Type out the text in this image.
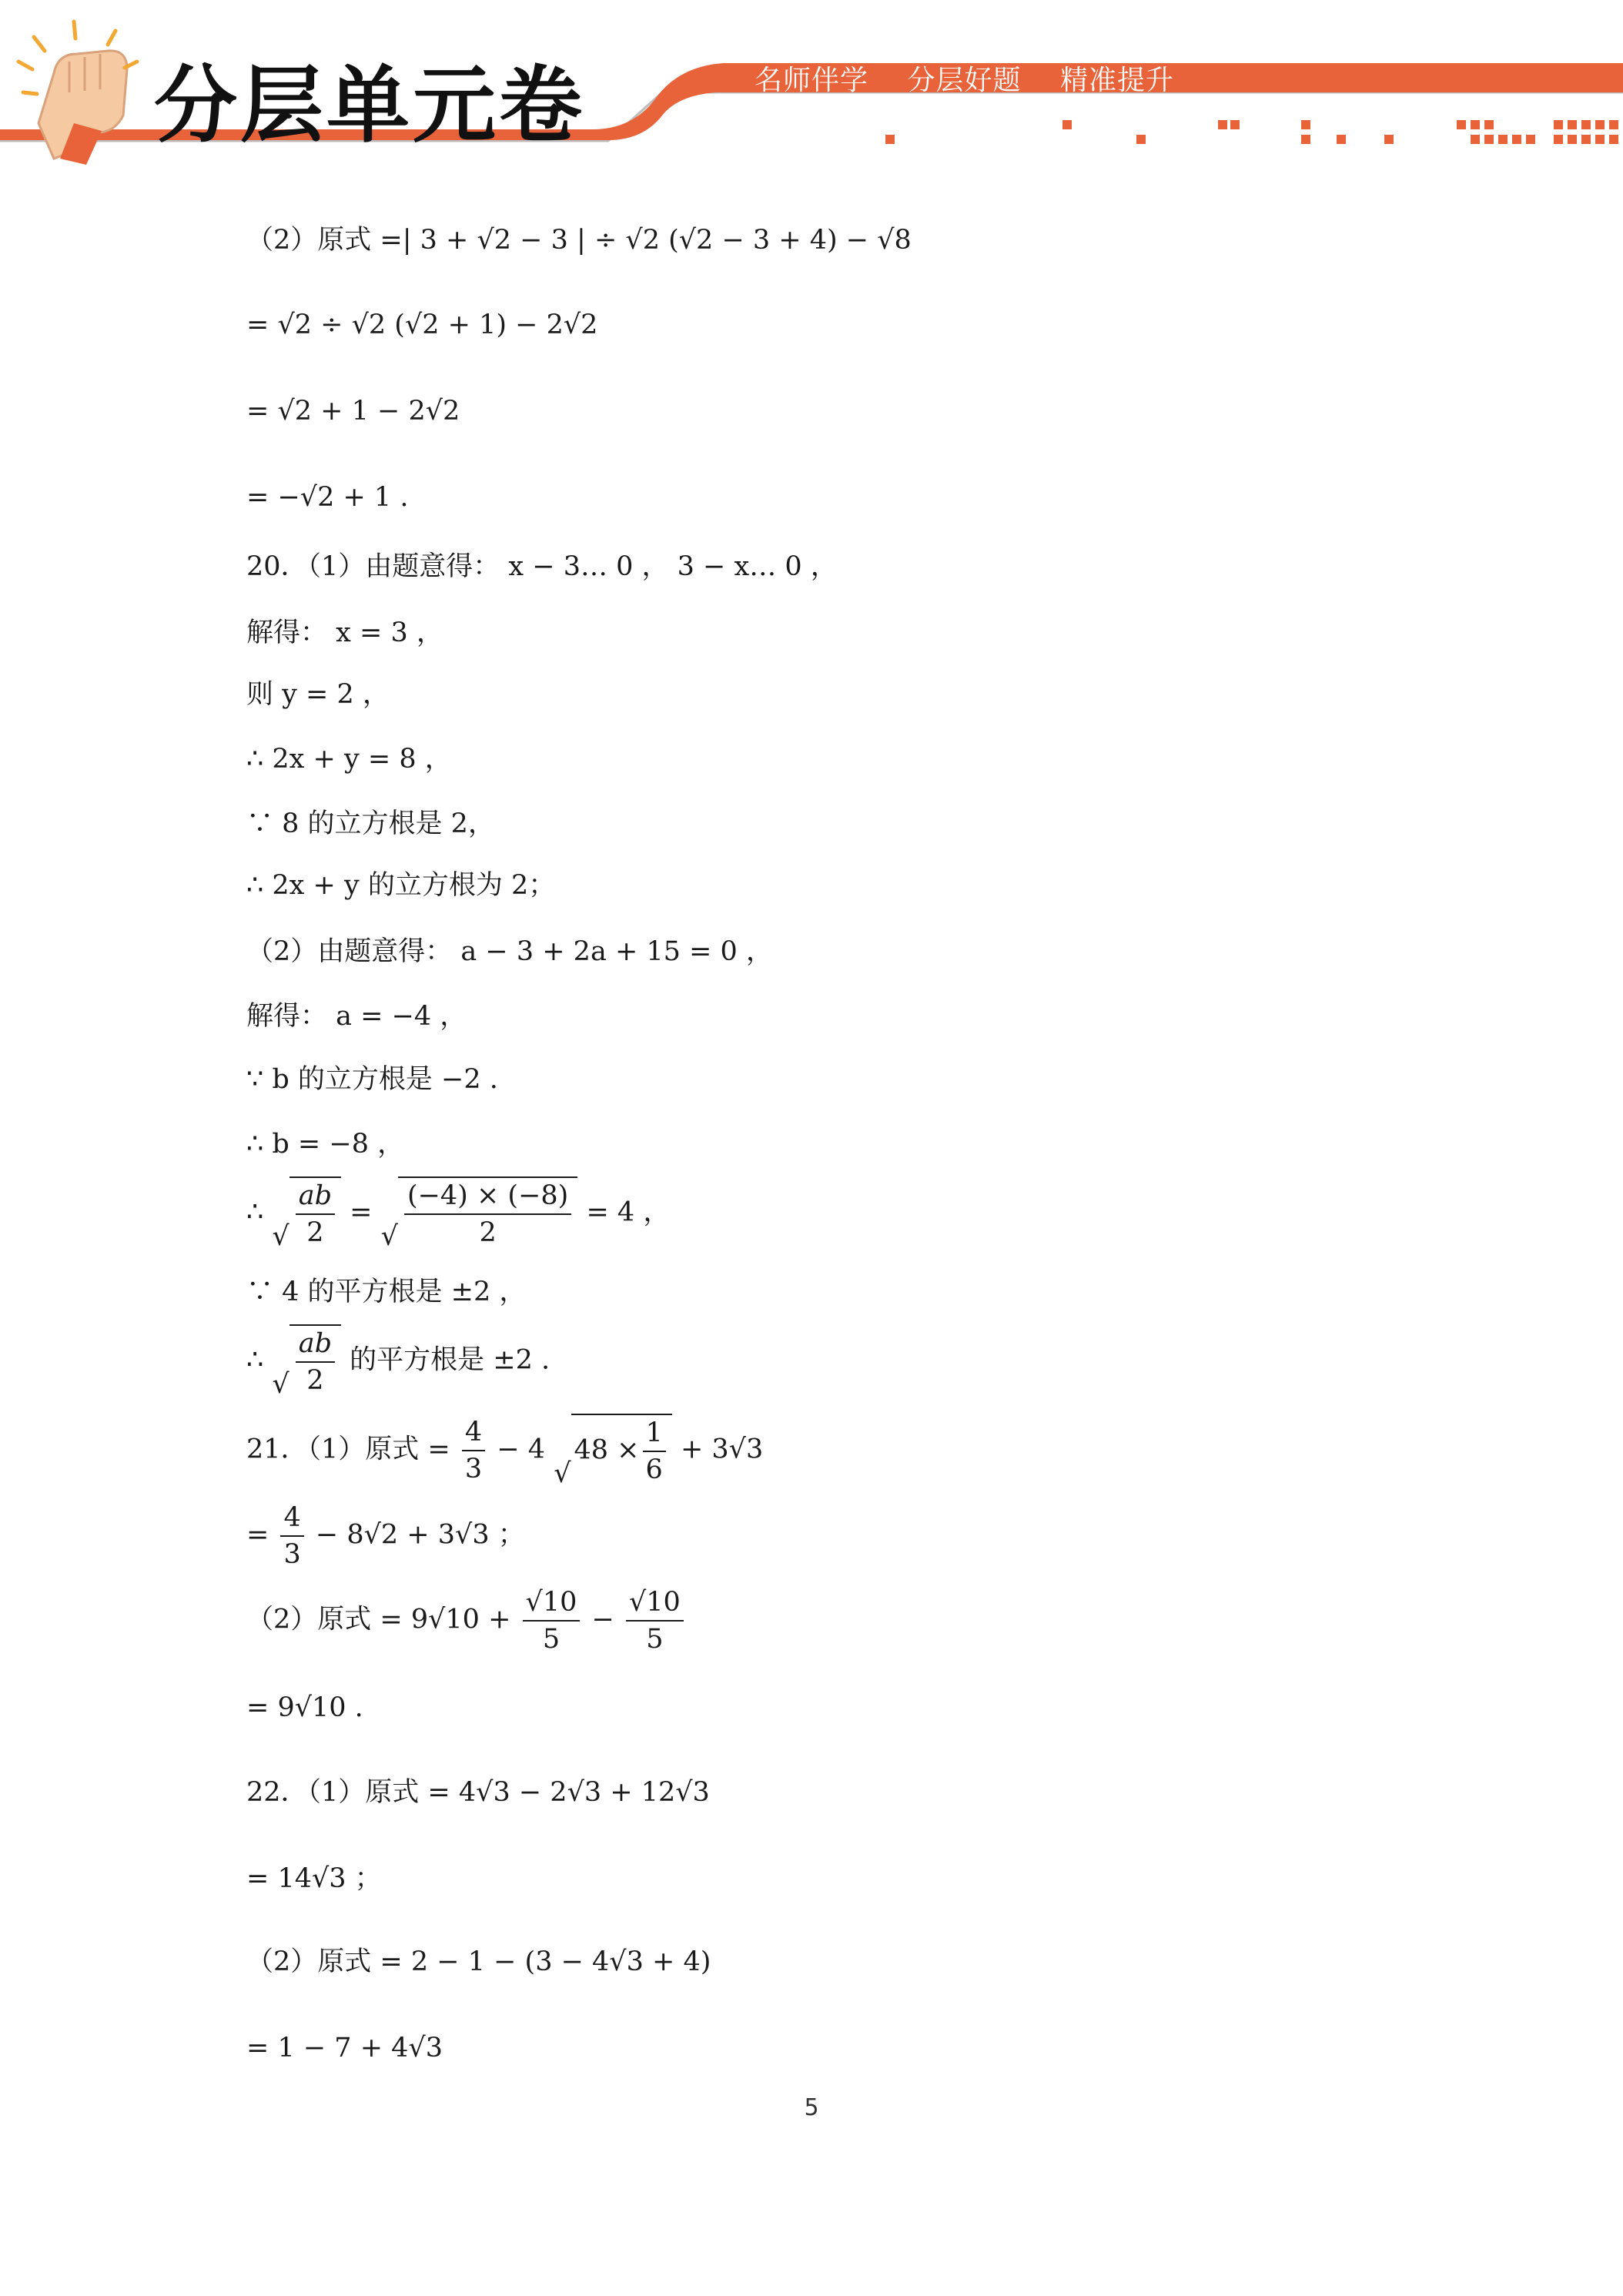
分层单元卷	名师伴学 分层好题 精准提升
（2）原式 =| 3 + √2 − 3 | ÷ √2 (√2 − 3 + 4) − √8
= √2 ÷ √2 (√2 + 1) − 2√2
= √2 + 1 − 2√2
= −√2 + 1 .
20．（1）由题意得： x − 3… 0 ， 3 − x… 0 ，
解得： x = 3 ，
则 y = 2 ，
∴ 2x + y = 8 ，
∵ 8 的立方根是 2，
∴ 2x + y 的立方根为 2；
（2）由题意得： a − 3 + 2a + 15 = 0 ，
解得： a = −4 ，
∵ b 的立方根是 −2 .
∴ b = −8 ，
∴
√ $\frac{ab}{2}$ =
√ $\frac{(-4) \times (-8)}{2} = 4$ ，
∵ 4 的平方根是 ±2 ，
∴
√ $\frac{ab}{2}$ 的平方根是 ±2 .
21．（1）原式 = $\frac{4}{3} - 4$
√
$48 \times \frac{1}{6} + 3√3$
= $\frac{4}{3} - 8√2 + 3√3$ ；
（2）原式 = $9√10 + \frac{√10}{5} - \frac{√10}{5}$
= 9√10 .
22．（1）原式 = 4√3 − 2√3 + 12√3
= 14√3 ；
（2）原式 = 2 − 1 − (3 − 4√3 + 4)
= 1 − 7 + 4√3
5
